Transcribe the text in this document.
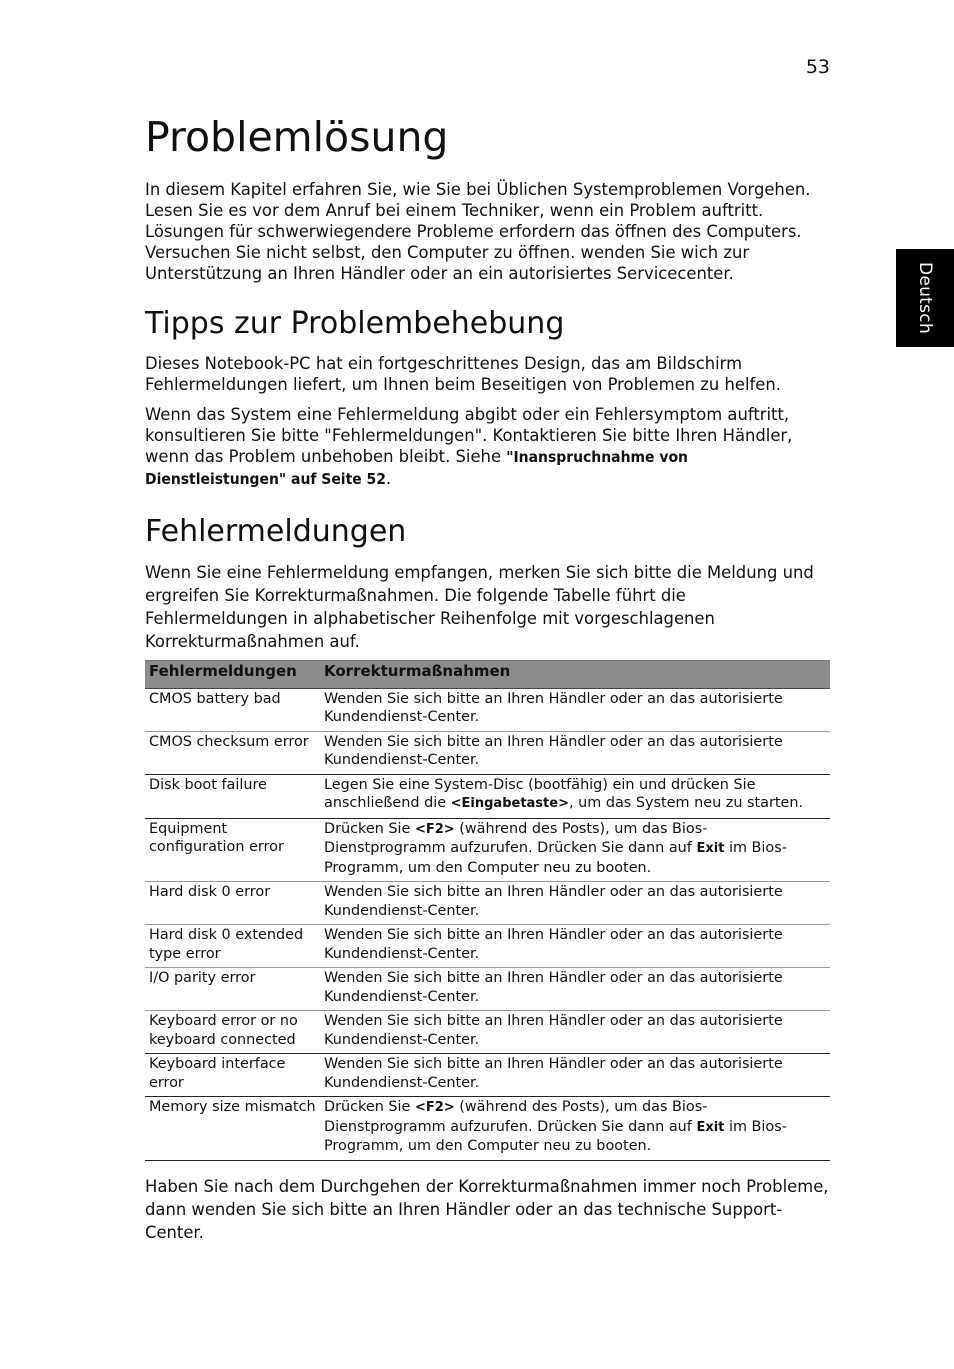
53
Deutsch
Problemlösung

In diesem Kapitel erfahren Sie, wie Sie bei Üblichen Systemproblemen Vorgehen. Lesen Sie es vor dem Anruf bei einem Techniker, wenn ein Problem auftritt. Lösungen für schwerwiegendere Probleme erfordern das öffnen des Computers. Versuchen Sie nicht selbst, den Computer zu öffnen. wenden Sie wich zur Unterstützung an Ihren Händler oder an ein autorisiertes Servicecenter.

Tipps zur Problembehebung

Dieses Notebook-PC hat ein fortgeschrittenes Design, das am Bildschirm Fehlermeldungen liefert, um Ihnen beim Beseitigen von Problemen zu helfen.

Wenn das System eine Fehlermeldung abgibt oder ein Fehlersymptom auftritt, konsultieren Sie bitte "Fehlermeldungen". Kontaktieren Sie bitte Ihren Händler, wenn das Problem unbehoben bleibt. Siehe "Inanspruchnahme von Dienstleistungen" auf Seite 52.

Fehlermeldungen

Wenn Sie eine Fehlermeldung empfangen, merken Sie sich bitte die Meldung und ergreifen Sie Korrekturmaßnahmen. Die folgende Tabelle führt die Fehlermeldungen in alphabetischer Reihenfolge mit vorgeschlagenen Korrekturmaßnahmen auf.

Fehlermeldungen	Korrekturmaßnahmen
CMOS battery bad	Wenden Sie sich bitte an Ihren Händler oder an das autorisierte Kundendienst-Center.
CMOS checksum error	Wenden Sie sich bitte an Ihren Händler oder an das autorisierte Kundendienst-Center.
Disk boot failure	Legen Sie eine System-Disc (bootfähig) ein und drücken Sie anschließend die <Eingabetaste>, um das System neu zu starten.
Equipment configuration error	Drücken Sie <F2> (während des Posts), um das Bios-Dienstprogramm aufzurufen. Drücken Sie dann auf Exit im Bios-Programm, um den Computer neu zu booten.
Hard disk 0 error	Wenden Sie sich bitte an Ihren Händler oder an das autorisierte Kundendienst-Center.
Hard disk 0 extended type error	Wenden Sie sich bitte an Ihren Händler oder an das autorisierte Kundendienst-Center.
I/O parity error	Wenden Sie sich bitte an Ihren Händler oder an das autorisierte Kundendienst-Center.
Keyboard error or no keyboard connected	Wenden Sie sich bitte an Ihren Händler oder an das autorisierte Kundendienst-Center.
Keyboard interface error	Wenden Sie sich bitte an Ihren Händler oder an das autorisierte Kundendienst-Center.
Memory size mismatch	Drücken Sie <F2> (während des Posts), um das Bios-Dienstprogramm aufzurufen. Drücken Sie dann auf Exit im Bios-Programm, um den Computer neu zu booten.

Haben Sie nach dem Durchgehen der Korrekturmaßnahmen immer noch Probleme, dann wenden Sie sich bitte an Ihren Händler oder an das technische Support-Center.
